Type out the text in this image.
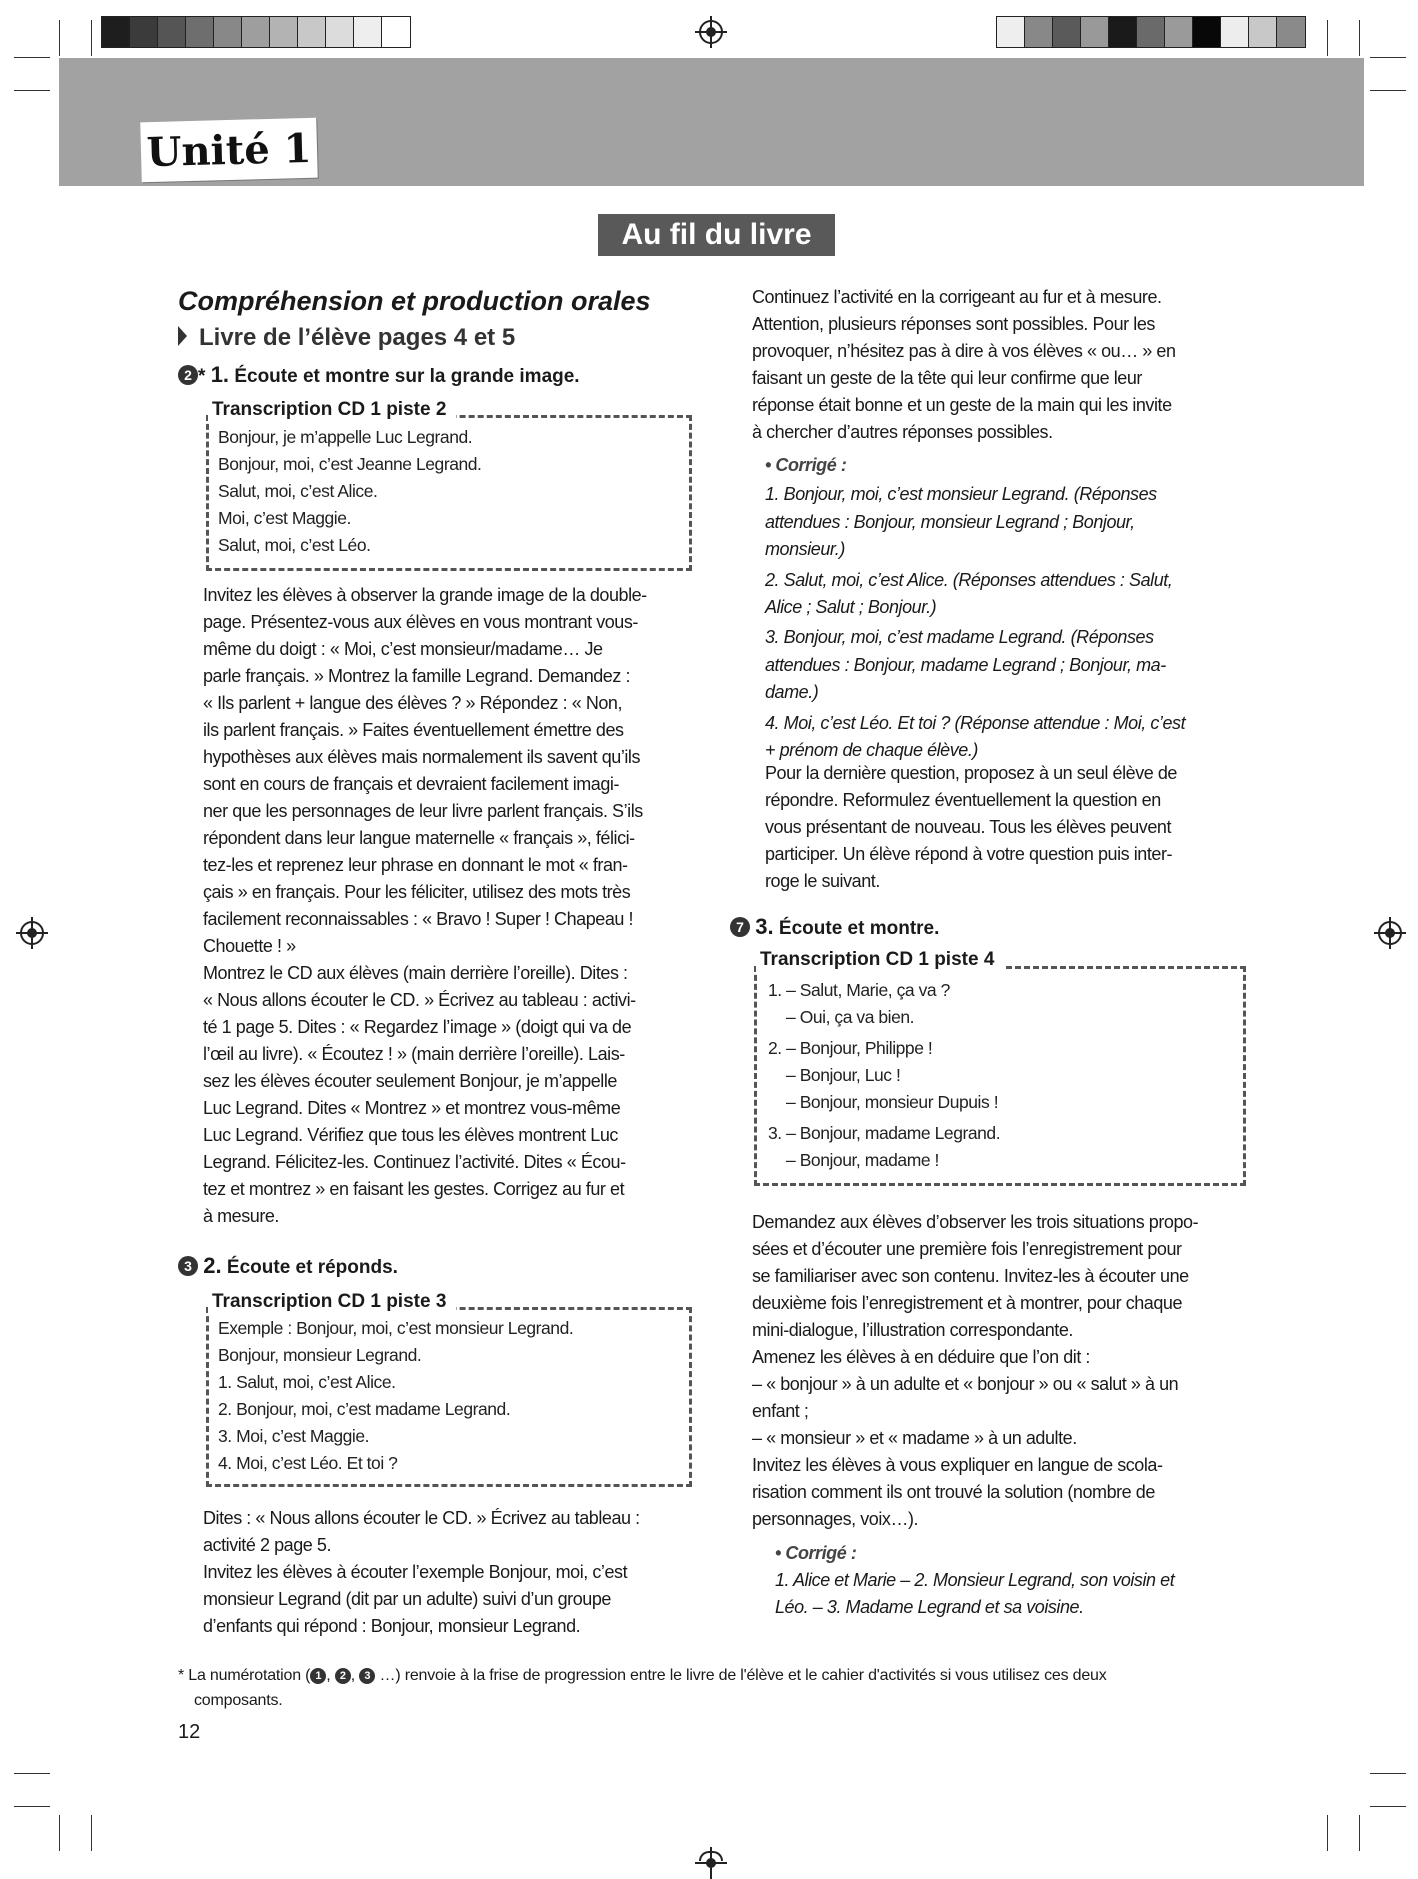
Unité 1
Au fil du livre
Compréhension et production orales
Livre de l’élève pages 4 et 5
2 * 1. Écoute et montre sur la grande image.
Transcription CD 1 piste 2
Bonjour, je m’appelle Luc Legrand.
Bonjour, moi, c’est Jeanne Legrand.
Salut, moi, c’est Alice.
Moi, c’est Maggie.
Salut, moi, c’est Léo.
Invitez les élèves à observer la grande image de la double-
page. Présentez-vous aux élèves en vous montrant vous-
même du doigt : « Moi, c’est monsieur/madame… Je
parle français. » Montrez la famille Legrand. Demandez :
« Ils parlent + langue des élèves ? » Répondez : « Non,
ils parlent français. » Faites éventuellement émettre des
hypothèses aux élèves mais normalement ils savent qu’ils
sont en cours de français et devraient facilement imagi-
ner que les personnages de leur livre parlent français. S’ils
répondent dans leur langue maternelle « français », félici-
tez-les et reprenez leur phrase en donnant le mot « fran-
çais » en français. Pour les féliciter, utilisez des mots très
facilement reconnaissables : « Bravo ! Super ! Chapeau !
Chouette ! »
Montrez le CD aux élèves (main derrière l’oreille). Dites :
« Nous allons écouter le CD. » Écrivez au tableau : activi-
té 1 page 5. Dites : « Regardez l’image » (doigt qui va de
l’œil au livre). « Écoutez ! » (main derrière l’oreille). Lais-
sez les élèves écouter seulement Bonjour, je m’appelle
Luc Legrand. Dites « Montrez » et montrez vous-même
Luc Legrand. Vérifiez que tous les élèves montrent Luc
Legrand. Félicitez-les. Continuez l’activité. Dites « Écou-
tez et montrez » en faisant les gestes. Corrigez au fur et
à mesure.
3 2. Écoute et réponds.
Transcription CD 1 piste 3
Exemple : Bonjour, moi, c’est monsieur Legrand.
Bonjour, monsieur Legrand.
1. Salut, moi, c’est Alice.
2. Bonjour, moi, c’est madame Legrand.
3. Moi, c’est Maggie.
4. Moi, c’est Léo. Et toi ?
Dites : « Nous allons écouter le CD. » Écrivez au tableau :
activité 2 page 5.
Invitez les élèves à écouter l’exemple Bonjour, moi, c’est
monsieur Legrand (dit par un adulte) suivi d’un groupe
d’enfants qui répond : Bonjour, monsieur Legrand.
Continuez l’activité en la corrigeant au fur et à mesure.
Attention, plusieurs réponses sont possibles. Pour les
provoquer, n’hésitez pas à dire à vos élèves « ou… » en
faisant un geste de la tête qui leur confirme que leur
réponse était bonne et un geste de la main qui les invite
à chercher d’autres réponses possibles.
• Corrigé :
1. Bonjour, moi, c’est monsieur Legrand. (Réponses
attendues : Bonjour, monsieur Legrand ; Bonjour,
monsieur.)
2. Salut, moi, c’est Alice. (Réponses attendues : Salut,
Alice ; Salut ; Bonjour.)
3. Bonjour, moi, c’est madame Legrand. (Réponses
attendues : Bonjour, madame Legrand ; Bonjour, ma-
dame.)
4. Moi, c’est Léo. Et toi ? (Réponse attendue : Moi, c’est
+ prénom de chaque élève.)
Pour la dernière question, proposez à un seul élève de
répondre. Reformulez éventuellement la question en
vous présentant de nouveau. Tous les élèves peuvent
participer. Un élève répond à votre question puis inter-
roge le suivant.
7 3. Écoute et montre.
Transcription CD 1 piste 4
1. – Salut, Marie, ça va ?
– Oui, ça va bien.
2. – Bonjour, Philippe !
– Bonjour, Luc !
– Bonjour, monsieur Dupuis !
3. – Bonjour, madame Legrand.
– Bonjour, madame !
Demandez aux élèves d’observer les trois situations propo-
sées et d’écouter une première fois l’enregistrement pour
se familiariser avec son contenu. Invitez-les à écouter une
deuxième fois l’enregistrement et à montrer, pour chaque
mini-dialogue, l’illustration correspondante.
Amenez les élèves à en déduire que l’on dit :
– « bonjour » à un adulte et « bonjour » ou « salut » à un
enfant ;
– « monsieur » et « madame » à un adulte.
Invitez les élèves à vous expliquer en langue de scola-
risation comment ils ont trouvé la solution (nombre de
personnages, voix…).
• Corrigé :
1. Alice et Marie – 2. Monsieur Legrand, son voisin et
Léo. – 3. Madame Legrand et sa voisine.
* La numérotation ( 1 , 2 , 3 …) renvoie à la frise de progression entre le livre de l'élève et le cahier d'activités si vous utilisez ces deux
composants.
12
